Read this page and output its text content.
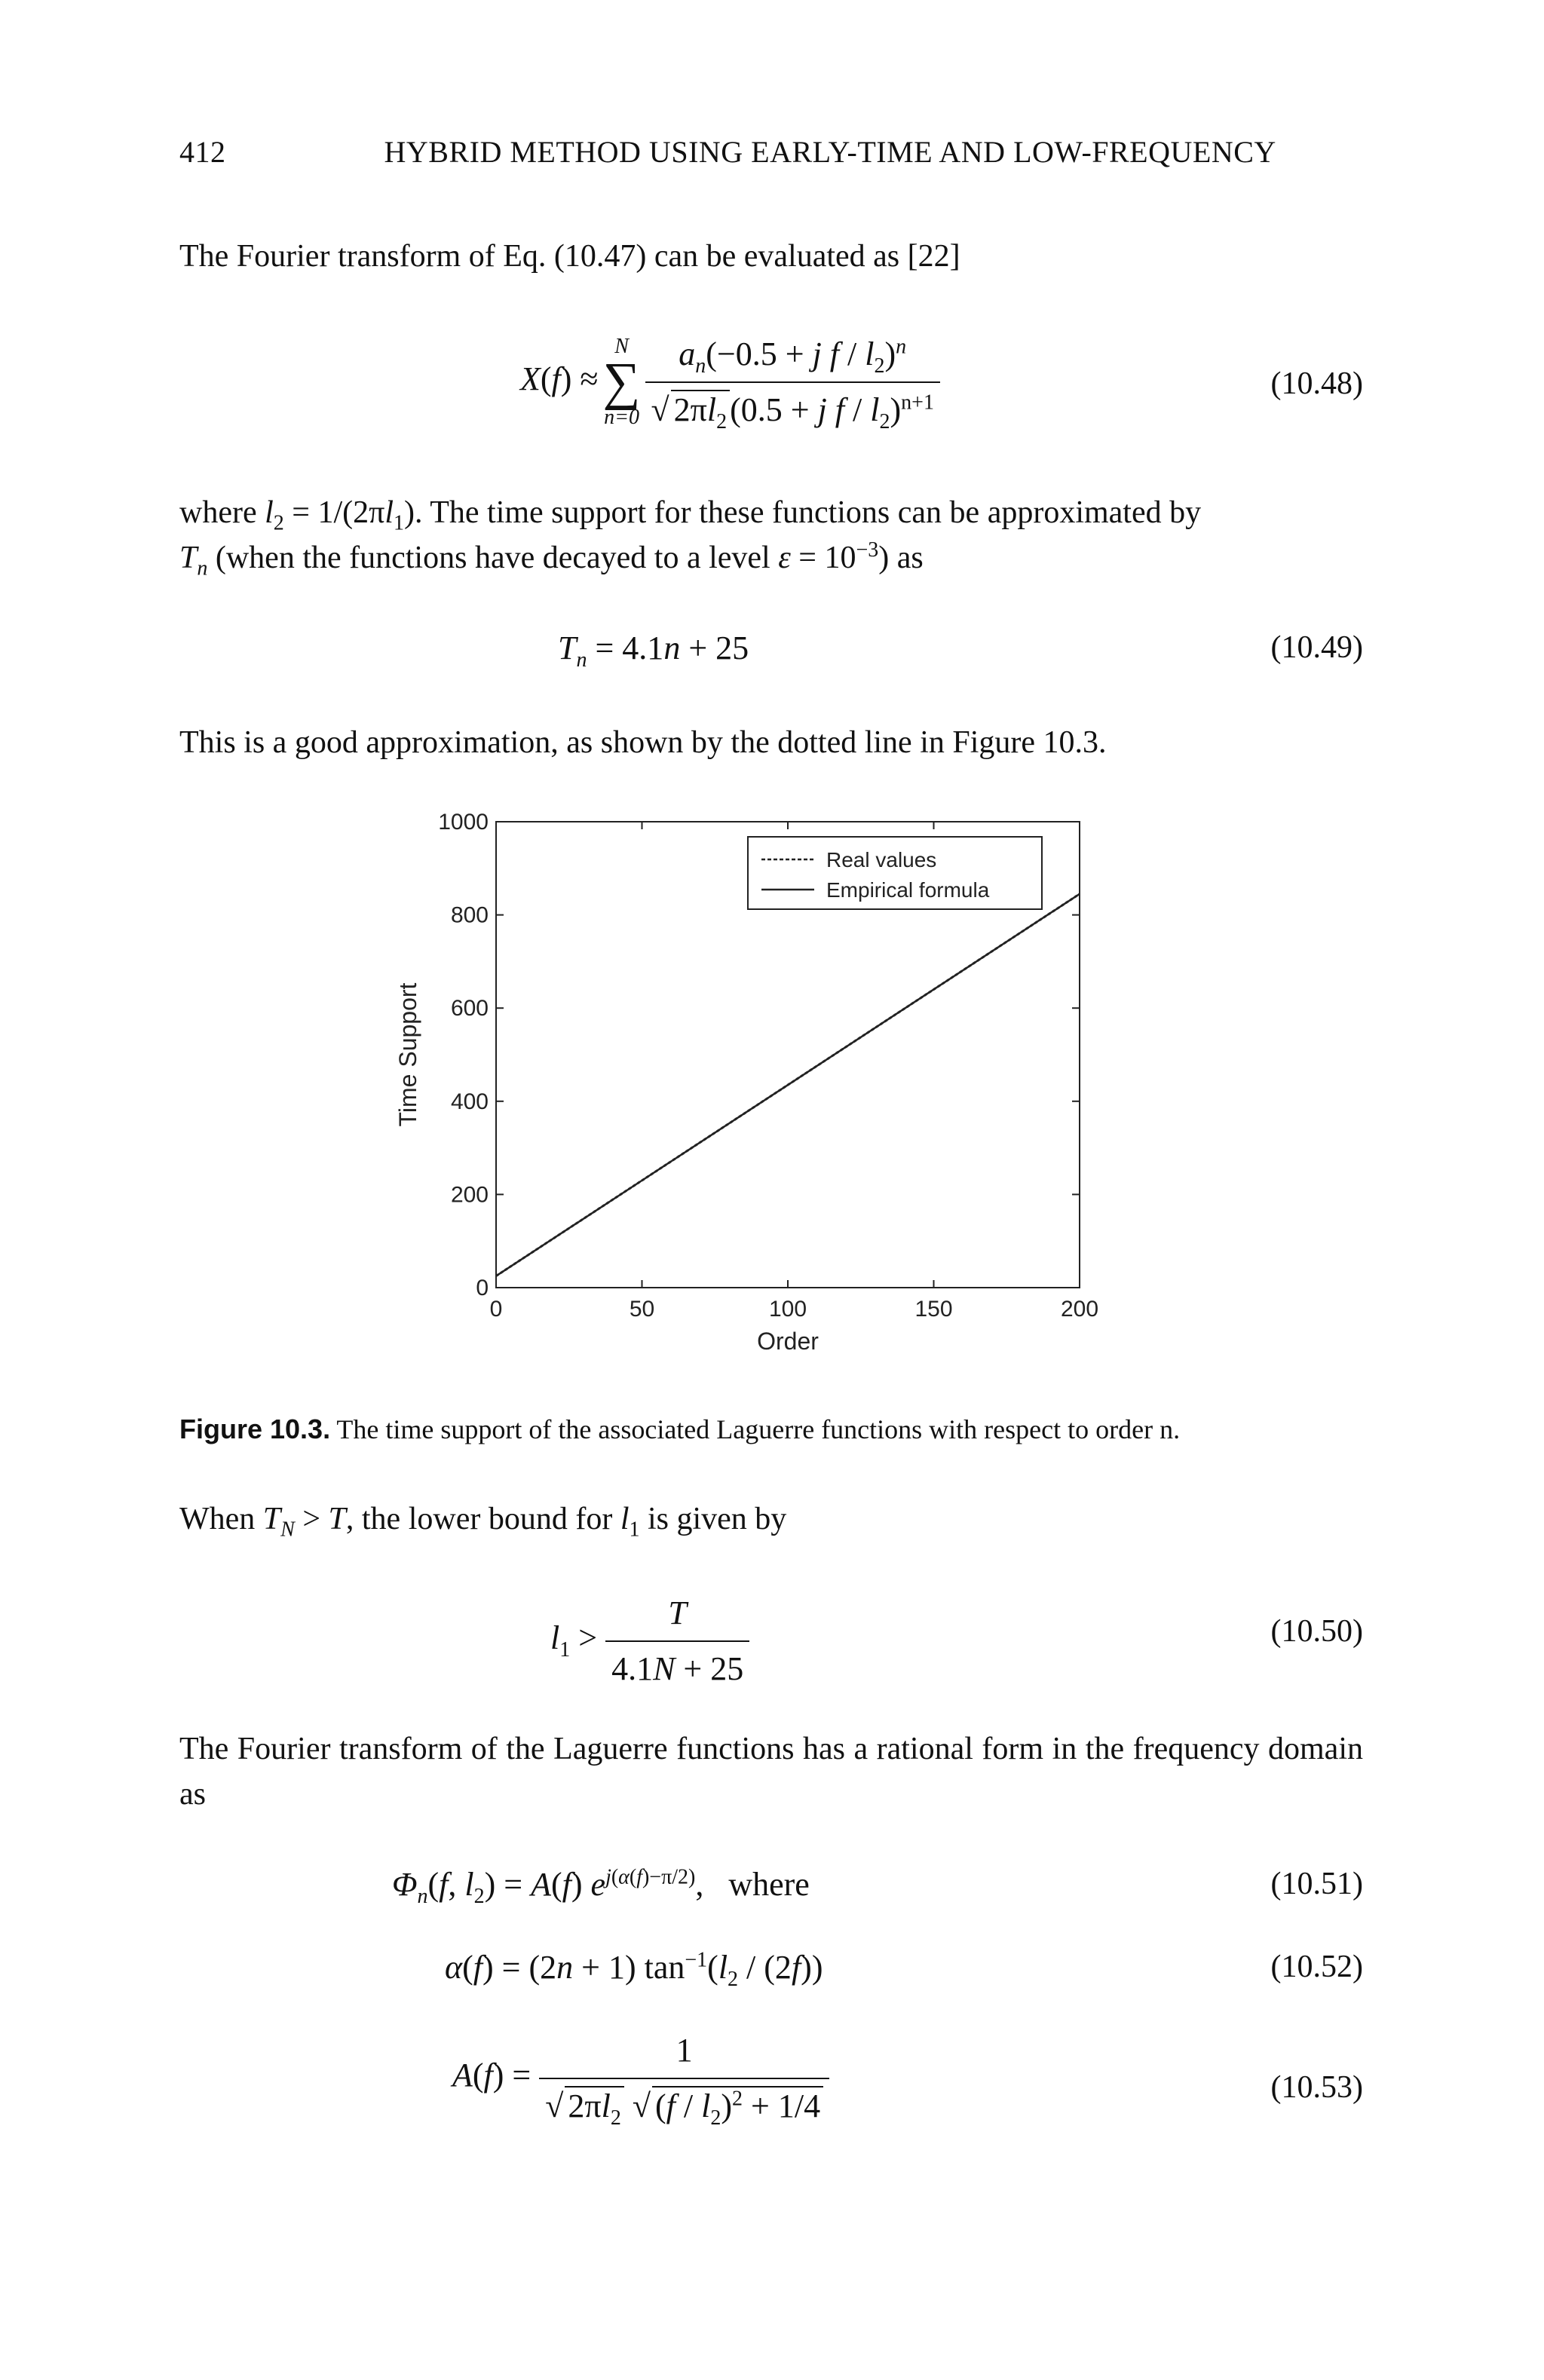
412	HYBRID METHOD USING EARLY-TIME AND LOW-FREQUENCY
The Fourier transform of Eq. (10.47) can be evaluated as [22]
X(f) ≈
N
∑
$n=0 \frac{a_n(-0.5 + j f / l_2)^n}{√ 2\pi l_2(0.5 + j f / l_2)^{n+1}}$	(10.48)
where $l_2 = 1/(2\pi l_1)$. The time support for these functions can be approximated by
$T_n$ (when the functions have decayed to a level $\varepsilon = 10^{-3}$) as
$T_n = 4.1n + 25$	(10.49)
This is a good approximation, as shown by the dotted line in Figure 10.3.
0	50	100	150	200
0
200
400
600
800
1000
Order
Time Support
Real values
Empirical formula
Figure 10.3. The time support of the associated Laguerre functions with respect to order n.
When $T_N > T$, the lower bound for $l_1$ is given by
$l_1 > \frac{T}{4.1N + 25}$	(10.50)
The Fourier transform of the Laguerre functions has a rational form in the frequency domain as
$\Phi_n(f$, $l_2) = A(f)$ $e^{j(\alpha(f)-\pi/2)}$,   where	(10.51)
α(f) = (2n + 1) $\tan^{-1}(l_2 / (2f))$	(10.52)
$A(f) = \frac{1}{√ 2\pi l_2 √ (f / l_2)^2 + 1/4}$	(10.53)
